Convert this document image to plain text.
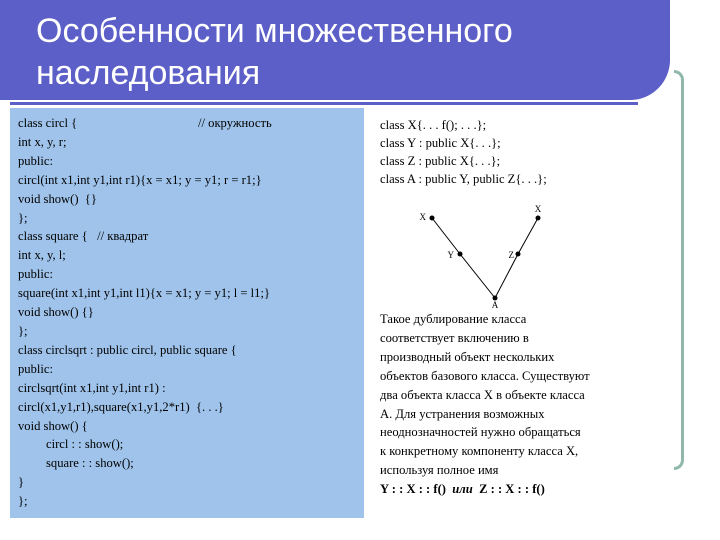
Особенности множественного
наследования
class circl {	// окружность
int x, y, r;
public:
circl(int x1,int y1,int r1){x = x1; y = y1; r = r1;}
void show()  {}
};
class square {   // квадрат
int x, y, l;
public:
square(int x1,int y1,int l1){x = x1; y = y1; l = l1;}
void show() {}
};
class circlsqrt : public circl, public square {
public:
circlsqrt(int x1,int y1,int r1) :
circl(x1,y1,r1),square(x1,y1,2*r1)  {. . .}
void show() {
circl : : show();
square : : show();
}
};
class X{. . . f(); . . .};
class Y : public X{. . .};
class Z : public X{. . .};
class A : public Y, public Z{. . .};
X
X
Y	Z
A
Такое дублирование класса
соответствует включению в
производный объект нескольких
объектов базового класса. Существуют
два объекта класса X в объекте класса
A. Для устранения возможных
неоднозначностей нужно обращаться
к конкретному компоненту класса X,
используя полное имя
Y : : X : : f()  или  Z : : X : : f()
